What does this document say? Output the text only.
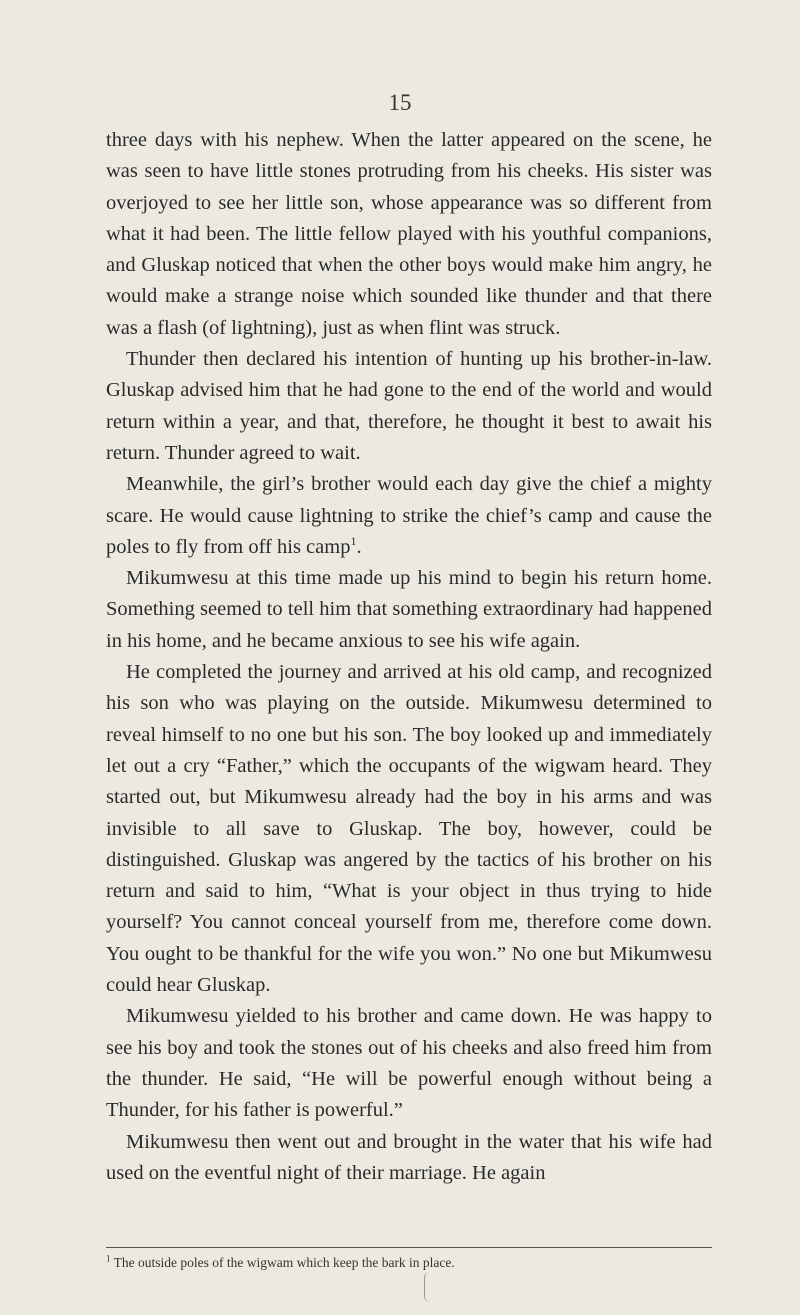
15

three days with his nephew. When the latter appeared on the scene, he was seen to have little stones protruding from his cheeks. His sister was overjoyed to see her little son, whose appearance was so different from what it had been. The little fellow played with his youthful companions, and Gluskap noticed that when the other boys would make him angry, he would make a strange noise which sounded like thunder and that there was a flash (of lightning), just as when flint was struck.

Thunder then declared his intention of hunting up his brother-in-law. Gluskap advised him that he had gone to the end of the world and would return within a year, and that, therefore, he thought it best to await his return. Thunder agreed to wait.

Meanwhile, the girl’s brother would each day give the chief a mighty scare. He would cause lightning to strike the chief’s camp and cause the poles to fly from off his camp$^1$.

Mikumwesu at this time made up his mind to begin his return home. Something seemed to tell him that something extraordinary had happened in his home, and he became anxious to see his wife again.

He completed the journey and arrived at his old camp, and recognized his son who was playing on the outside. Mikumwesu determined to reveal himself to no one but his son. The boy looked up and immediately let out a cry “Father,” which the occupants of the wigwam heard. They started out, but Mikumwesu already had the boy in his arms and was invisible to all save to Gluskap. The boy, however, could be distinguished. Gluskap was angered by the tactics of his brother on his return and said to him, “What is your object in thus trying to hide yourself? You cannot conceal yourself from me, therefore come down. You ought to be thankful for the wife you won.” No one but Mikumwesu could hear Gluskap.

Mikumwesu yielded to his brother and came down. He was happy to see his boy and took the stones out of his cheeks and also freed him from the thunder. He said, “He will be powerful enough without being a Thunder, for his father is powerful.”

Mikumwesu then went out and brought in the water that his wife had used on the eventful night of their marriage. He again

$^1$ The outside poles of the wigwam which keep the bark in place.
